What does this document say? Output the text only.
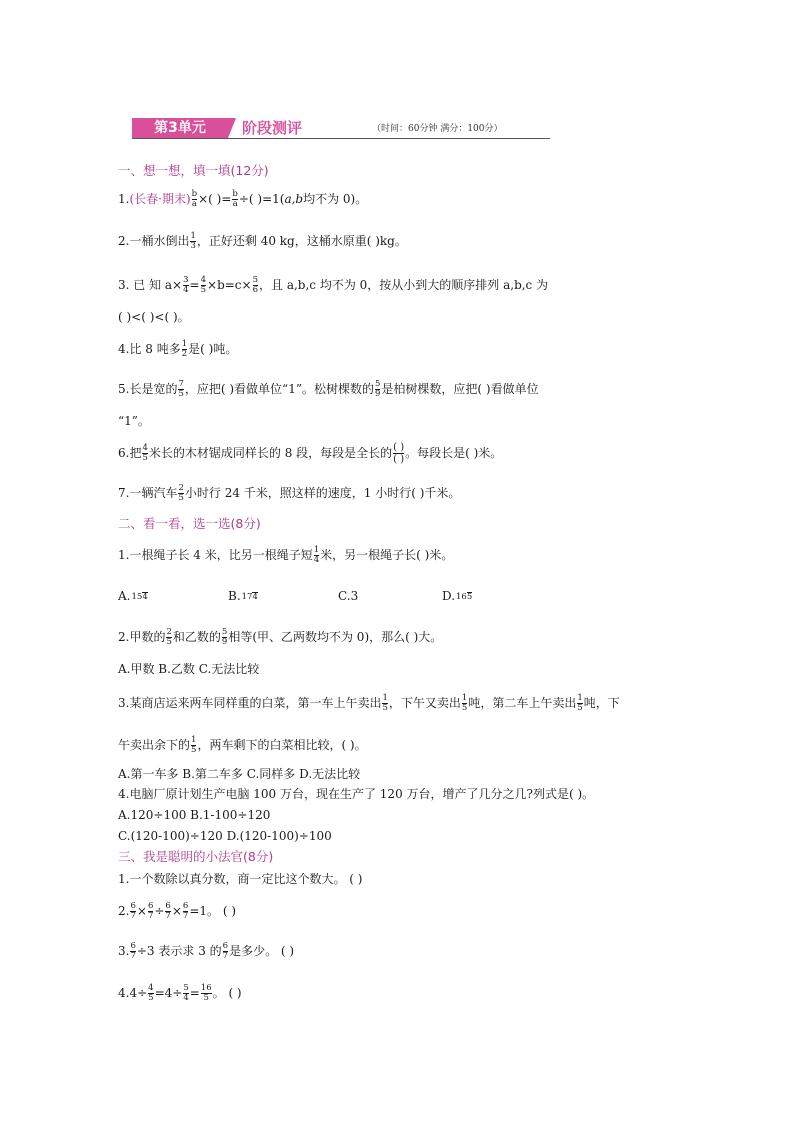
第3单元	阶段测评	（时间：60分钟 满分：100分）
一、想一想，填一填(12分)
1.(长春·期末) $\frac{b}{a}$ ×( )= $\frac{b}{a}$ ÷( )=1(a,b均不为 0)。
2.一桶水倒出 $\frac{1}{3}$ ，正好还剩 40 kg，这桶水原重( )kg。
3. 已 知 $a\times \frac{3}{4} = \frac{4}{5} \times b=c\times \frac{5}{6}$ ，且 a,b,c 均不为 0，按从小到大的顺序排列 a,b,c 为
( )<( )<( )。
4.比 8 吨多 $\frac{1}{2}$ 是( )吨。
5.长是宽的 $\frac{7}{5}$ ，应把( )看做单位“1”。松树棵数的 $\frac{5}{9}$ 是柏树棵数，应把( )看做单位
“1”。
6.把 $\frac{4}{5}$ 米长的木材锯成同样长的 8 段，每段是全长的 $\frac{( )}{( )}$ 。每段长是( )米。
7.一辆汽车 $\frac{2}{5}$ 小时行 24 千米，照这样的速度，1 小时行( )千米。
二、看一看，选一选(8分)
1.一根绳子长 4 米，比另一根绳子短 $\frac{1}{4}$ 米，另一根绳子长( )米。
A.154	B.174	C.3	D.165
2.甲数的 $\frac{2}{5}$ 和乙数的 $\frac{5}{9}$ 相等(甲、乙两数均不为 0)，那么( )大。
A.甲数 B.乙数 C.无法比较
3.某商店运来两车同样重的白菜，第一车上午卖出 $\frac{1}{5}$ ，下午又卖出 $\frac{1}{5}$ 吨，第二车上午卖出 $\frac{1}{5}$ 吨，下
午卖出余下的 $\frac{1}{5}$ ，两车剩下的白菜相比较，( )。
A.第一车多 B.第二车多 C.同样多 D.无法比较
4.电脑厂原计划生产电脑 100 万台，现在生产了 120 万台，增产了几分之几?列式是( )。
A.120÷100 B.1-100÷120
C.(120-100)÷120 D.(120-100)÷100
三、我是聪明的小法官(8分)
1.一个数除以真分数，商一定比这个数大。 ( )
2. $\frac{6}{7} \times \frac{6}{7} \div \frac{6}{7} \times \frac{6}{7} =1$。 ( )
3. $\frac{6}{7} \div 3$ 表示求 3 的 $\frac{6}{7}$ 是多少。 ( )
$4.4\div \frac{4}{5} =4\div \frac{5}{4} = \frac{16}{5}$ 。 ( )
